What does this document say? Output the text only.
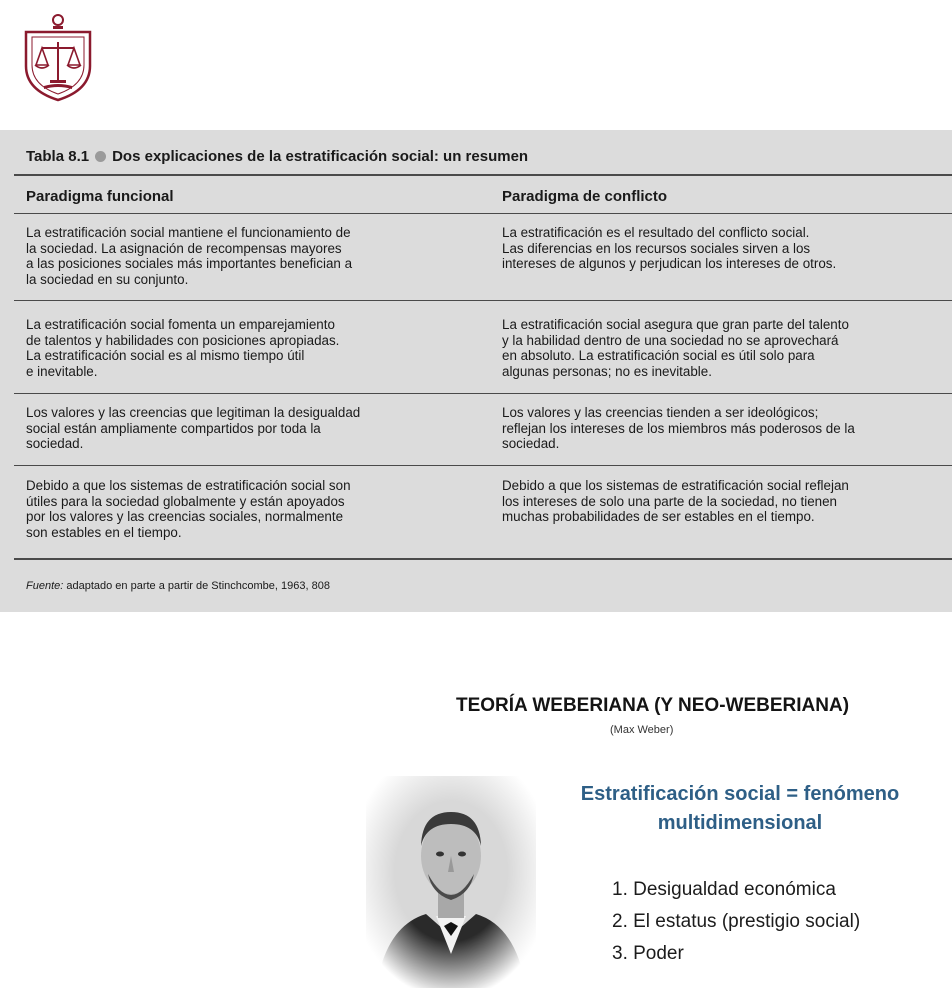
Tabla 8.1 Dos explicaciones de la estratificación social: un resumen
Paradigma funcional	Paradigma de conflicto
La estratificación social mantiene el funcionamiento de
la sociedad. La asignación de recompensas mayores
a las posiciones sociales más importantes benefician a
la sociedad en su conjunto.
La estratificación es el resultado del conflicto social.
Las diferencias en los recursos sociales sirven a los
intereses de algunos y perjudican los intereses de otros.
La estratificación social fomenta un emparejamiento
de talentos y habilidades con posiciones apropiadas.
La estratificación social es al mismo tiempo útil
e inevitable.
La estratificación social asegura que gran parte del talento
y la habilidad dentro de una sociedad no se aprovechará
en absoluto. La estratificación social es útil solo para
algunas personas; no es inevitable.
Los valores y las creencias que legitiman la desigualdad
social están ampliamente compartidos por toda la
sociedad.
Los valores y las creencias tienden a ser ideológicos;
reflejan los intereses de los miembros más poderosos de la
sociedad.
Debido a que los sistemas de estratificación social son
útiles para la sociedad globalmente y están apoyados
por los valores y las creencias sociales, normalmente
son estables en el tiempo.
Debido a que los sistemas de estratificación social reflejan
los intereses de solo una parte de la sociedad, no tienen
muchas probabilidades de ser estables en el tiempo.
Fuente: adaptado en parte a partir de Stinchcombe, 1963, 808
TEORÍA WEBERIANA (Y NEO-WEBERIANA)
(Max Weber)
Estratificación social = fenómeno
multidimensional
1. Desigualdad económica
2. El estatus (prestigio social)
3. Poder
